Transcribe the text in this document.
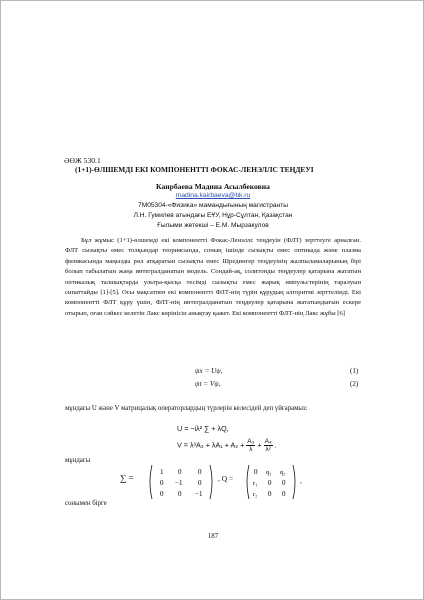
ӘӨЖ 530.1
(1+1)-ӨЛШЕМДІ ЕКІ КОМПОНЕНТТІ ФОКАС-ЛЕНЭЛЛС ТЕҢДЕУІ
Каирбаева Мадина Асылбековна
madina.kairbaeva@bk.ru
7М05304-«Физика» мамандығының магистранты
Л.Н. Гумилев атындағы ЕҰУ, Нұр-Сұлтан, Қазақстан
Ғылыми жетекші – Е.М. Мырзакулов
Бұл жұмыс (1+1)-өлшемді екі компонентті Фокас-Ленэллс теңдеуін (ФЛТ) зерттеуге арналған. ФЛТ сызықты емес толқындар теориясында, соның ішінде сызықты емес оптикада және плазма физикасында маңызды рөл атқаратын сызықты емес Шредингер теңдеуінің жалпыламаларының бірі болып табылатын жаңа интегралданатын модель. Сондай-ақ, солитонды теңдеулер қатарына жататын оптикалық талшықтарда ультра-қысқа тесімді сызықты емес жарық импульстерінің таралуын сипаттайды [1]-[5]. Осы мақсатпен екі компонентті ФЛТ-нің түрін құрудың алгоритмі зерттелінді. Екі компонентті ФЛТ құру үшін, ФЛТ-нің интегралданатын теңдеулер қатарына жататындығын ескере отырып, оған сәйкес келетін Лакс көрінісін анықтау қажет. Екі компонентті ФЛТ-нің Лакс жұбы [6]
ψx = Uψ,	(1)
ψt = Vψ,	(2)
мұндағы U және V матрицалық операторлардың түрлерін келесідей деп үйғарамыз:
U = −iλ² ∑ + λQ,
$V = \lambda^3A_3 + \lambda A_1 + A_2 + \frac{\text{A₃}}{\lambda} + \frac{\text{A₄}}{\text{λ²}}$ .
мұндағы
∑ =
1 0 0
0 −1 0
0 0 −1
, Q =
0 q₁ q₂
r₁ 0 0
r₂ 0 0
,
сонымен бірге
187
